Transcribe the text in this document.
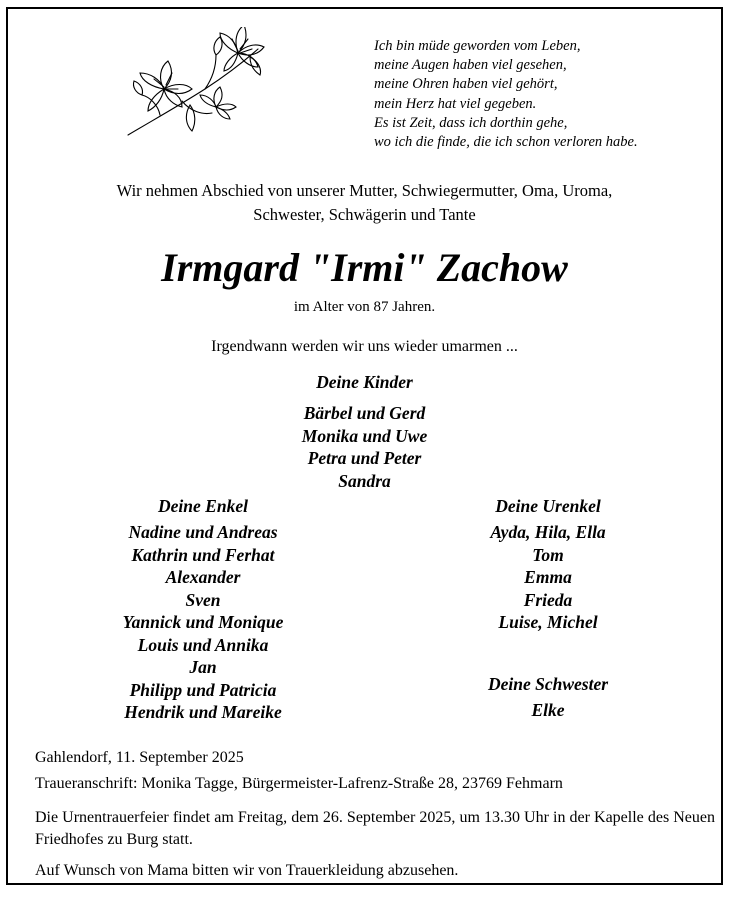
Ich bin müde geworden vom Leben,
meine Augen haben viel gesehen,
meine Ohren haben viel gehört,
mein Herz hat viel gegeben.
Es ist Zeit, dass ich dorthin gehe,
wo ich die finde, die ich schon verloren habe.
Wir nehmen Abschied von unserer Mutter, Schwiegermutter, Oma, Uroma,
Schwester, Schwägerin und Tante
Irmgard "Irmi" Zachow
im Alter von 87 Jahren.
Irgendwann werden wir uns wieder umarmen ...
Deine Kinder
Bärbel und Gerd
Monika und Uwe
Petra und Peter
Sandra
Deine Enkel
Nadine und Andreas
Kathrin und Ferhat
Alexander
Sven
Yannick und Monique
Louis und Annika
Jan
Philipp und Patricia
Hendrik und Mareike
Deine Urenkel
Ayda, Hila, Ella
Tom
Emma
Frieda
Luise, Michel
Deine Schwester
Elke
Gahlendorf, 11. September 2025
Traueranschrift: Monika Tagge, Bürgermeister-Lafrenz-Straße 28, 23769 Fehmarn
Die Urnentrauerfeier findet am Freitag, dem 26. September 2025, um 13.30 Uhr in der Kapelle des Neuen Friedhofes zu Burg statt.
Auf Wunsch von Mama bitten wir von Trauerkleidung abzusehen.
